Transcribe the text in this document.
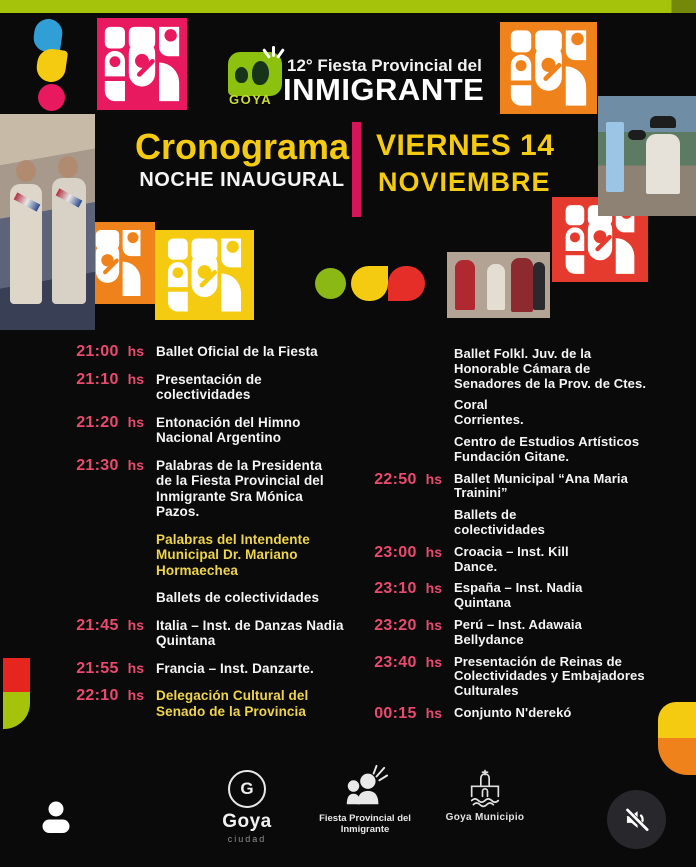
GOYA
12° Fiesta Provincial del
INMIGRANTE
Cronograma
NOCHE INAUGURAL
VIERNES 14
NOVIEMBRE
21:00 hs Ballet Oficial de la Fiesta
21:10 hs Presentación de
colectividades
21:20 hs Entonación del Himno
Nacional Argentino
21:30 hs Palabras de la Presidenta
de la Fiesta Provincial del
Inmigrante Sra Mónica
Pazos.
Palabras del Intendente
Municipal Dr. Mariano
Hormaechea
Ballets de colectividades
21:45 hs Italia – Inst. de Danzas Nadia
Quintana
21:55 hs Francia – Inst. Danzarte.
22:10 hs Delegación Cultural del
Senado de la Provincia
Ballet Folkl. Juv. de la
Honorable Cámara de
Senadores de la Prov. de Ctes.
Coral
Corrientes.
Centro de Estudios Artísticos
Fundación Gitane.
22:50 hs Ballet Municipal “Ana Maria
Trainini”
Ballets de
colectividades
23:00 hs Croacia – Inst. Kill
Dance.
23:10 hs España – Inst. Nadia
Quintana
23:20 hs Perú – Inst. Adawaia
Bellydance
23:40 hs Presentación de Reinas de
Colectividades y Embajadores
Culturales
00:15 hs Conjunto N'derekó
G
Goya
ciudad
Fiesta Provincial del
Inmigrante
Goya Municipio
